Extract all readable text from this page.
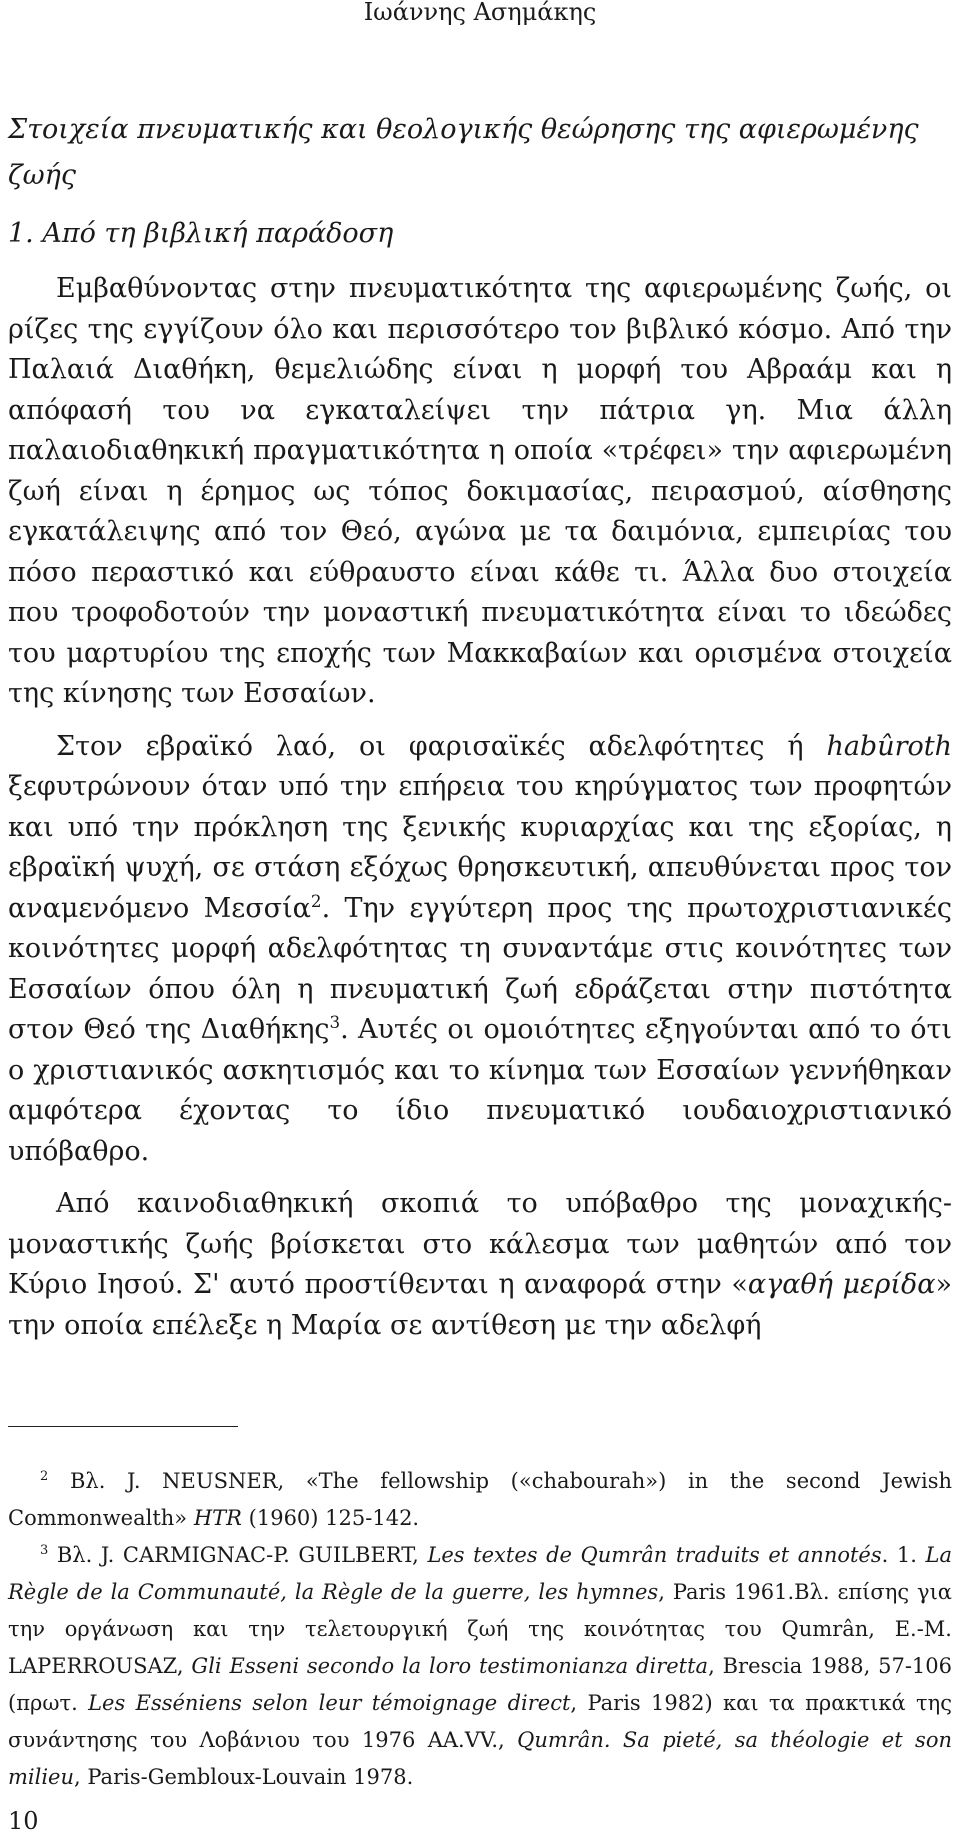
Ιωάννης Ασημάκης
Στοιχεία πνευματικής και θεολογικής θεώρησης της αφιερωμένης ζωής
1. Από τη βιβλική παράδοση

Εμβαθύνοντας στην πνευματικότητα της αφιερωμένης ζωής, οι ρίζες της εγγίζουν όλο και περισσότερο τον βιβλικό κόσμο. Από την Παλαιά Διαθήκη, θεμελιώδης είναι η μορφή του Αβραάμ και η απόφασή του να εγκαταλείψει την πάτρια γη. Μια άλλη παλαιοδιαθηκική πραγματικότητα η οποία «τρέφει» την αφιερωμένη ζωή είναι η έρημος ως τόπος δοκιμασίας, πειρασμού, αίσθησης εγκατάλειψης από τον Θεό, αγώνα με τα δαιμόνια, εμπειρίας του πόσο περαστικό και εύθραυστο είναι κάθε τι. Άλλα δυο στοιχεία που τροφοδοτούν την μοναστική πνευματικότητα είναι το ιδεώδες του μαρτυρίου της εποχής των Μακκαβαίων και ορισμένα στοιχεία της κίνησης των Εσσαίων.

Στον εβραϊκό λαό, οι φαρισαϊκές αδελφότητες ή habûroth ξεφυτρώνουν όταν υπό την επήρεια του κηρύγματος των προφητών και υπό την πρόκληση της ξενικής κυριαρχίας και της εξορίας, η εβραϊκή ψυχή, σε στάση εξόχως θρησκευτική, απευθύνεται προς τον αναμενόμενο Μεσσία$^2$. Την εγγύτερη προς της πρωτοχριστιανικές κοινότητες μορφή αδελφότητας τη συναντάμε στις κοινότητες των Εσσαίων όπου όλη η πνευματική ζωή εδράζεται στην πιστότητα στον Θεό της Διαθήκης$^3$. Αυτές οι ομοιότητες εξηγούνται από το ότι ο χριστιανικός ασκητισμός και το κίνημα των Εσσαίων γεννήθηκαν αμφότερα έχοντας το ίδιο πνευματικό ιουδαιοχριστιανικό υπόβαθρο.

Από καινοδιαθηκική σκοπιά το υπόβαθρο της μοναχικής-μοναστικής ζωής βρίσκεται στο κάλεσμα των μαθητών από τον Κύριο Ιησού. Σ' αυτό προστίθενται η αναφορά στην «αγαθή μερίδα» την οποία επέλεξε η Μαρία σε αντίθεση με την αδελφή

$^2$ Βλ. J. NEUSNER, «The fellowship («chabourah») in the second Jewish Commonwealth» HTR (1960) 125-142.

$^3$ Βλ. J. CARMIGNAC-P. GUILBERT, Les textes de Qumrân traduits et annotés. 1. La Règle de la Communauté, la Règle de la guerre, les hymnes, Paris 1961.Βλ. επίσης για την οργάνωση και την τελετουργική ζωή της κοινότητας του Qumrân, E.-M. LAPERROUSAZ, Gli Esseni secondo la loro testimonianza diretta, Brescia 1988, 57-106 (πρωτ. Les Esséniens selon leur témoignage direct, Paris 1982) και τα πρακτικά της συνάντησης του Λοβάνιου του 1976 AA.VV., Qumrân. Sa pieté, sa théologie et son milieu, Paris-Gembloux-Louvain 1978.

10
